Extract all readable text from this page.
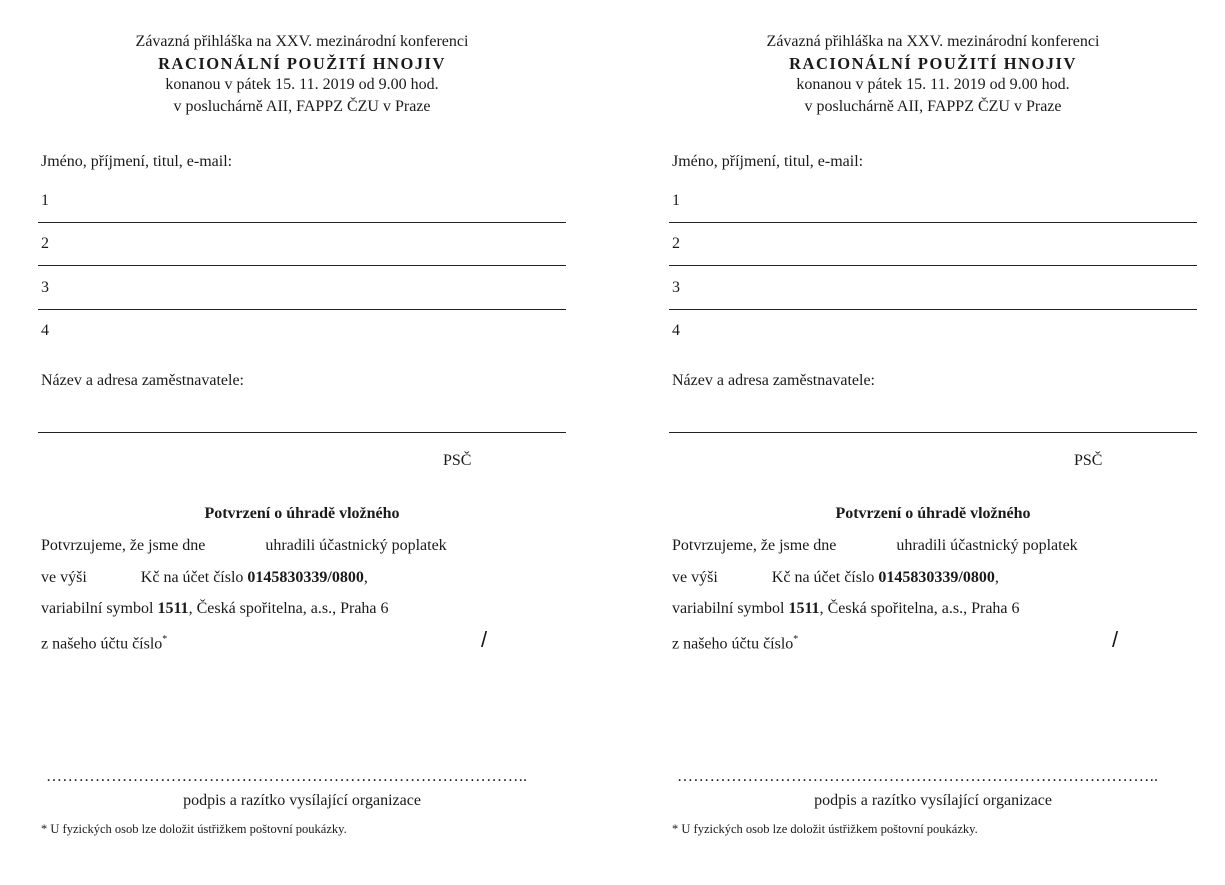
Závazná přihláška na XXV. mezinárodní konferenci
RACIONÁLNÍ POUŽITÍ HNOJIV
konanou v pátek 15. 11. 2019 od 9.00 hod.
v posluchárně AII, FAPPZ ČZU v Praze
Jméno, příjmení, titul, e-mail:
1
2
3
4
Název a adresa zaměstnavatele:
PSČ
Potvrzení o úhradě vložného
Potvrzujeme, že jsme dne	uhradili účastnický poplatek
ve výši	Kč na účet číslo 0145830339/0800,
variabilní symbol 1511, Česká spořitelna, a.s., Praha 6
z našeho účtu číslo*	/
……………………………………………………………………………..
podpis a razítko vysílající organizace
* U fyzických osob lze doložit ústřižkem poštovní poukázky.
Závazná přihláška na XXV. mezinárodní konferenci
RACIONÁLNÍ POUŽITÍ HNOJIV
konanou v pátek 15. 11. 2019 od 9.00 hod.
v posluchárně AII, FAPPZ ČZU v Praze
Jméno, příjmení, titul, e-mail:
1
2
3
4
Název a adresa zaměstnavatele:
PSČ
Potvrzení o úhradě vložného
Potvrzujeme, že jsme dne	uhradili účastnický poplatek
ve výši	Kč na účet číslo 0145830339/0800,
variabilní symbol 1511, Česká spořitelna, a.s., Praha 6
z našeho účtu číslo*	/
……………………………………………………………………………..
podpis a razítko vysílající organizace
* U fyzických osob lze doložit ústřižkem poštovní poukázky.
